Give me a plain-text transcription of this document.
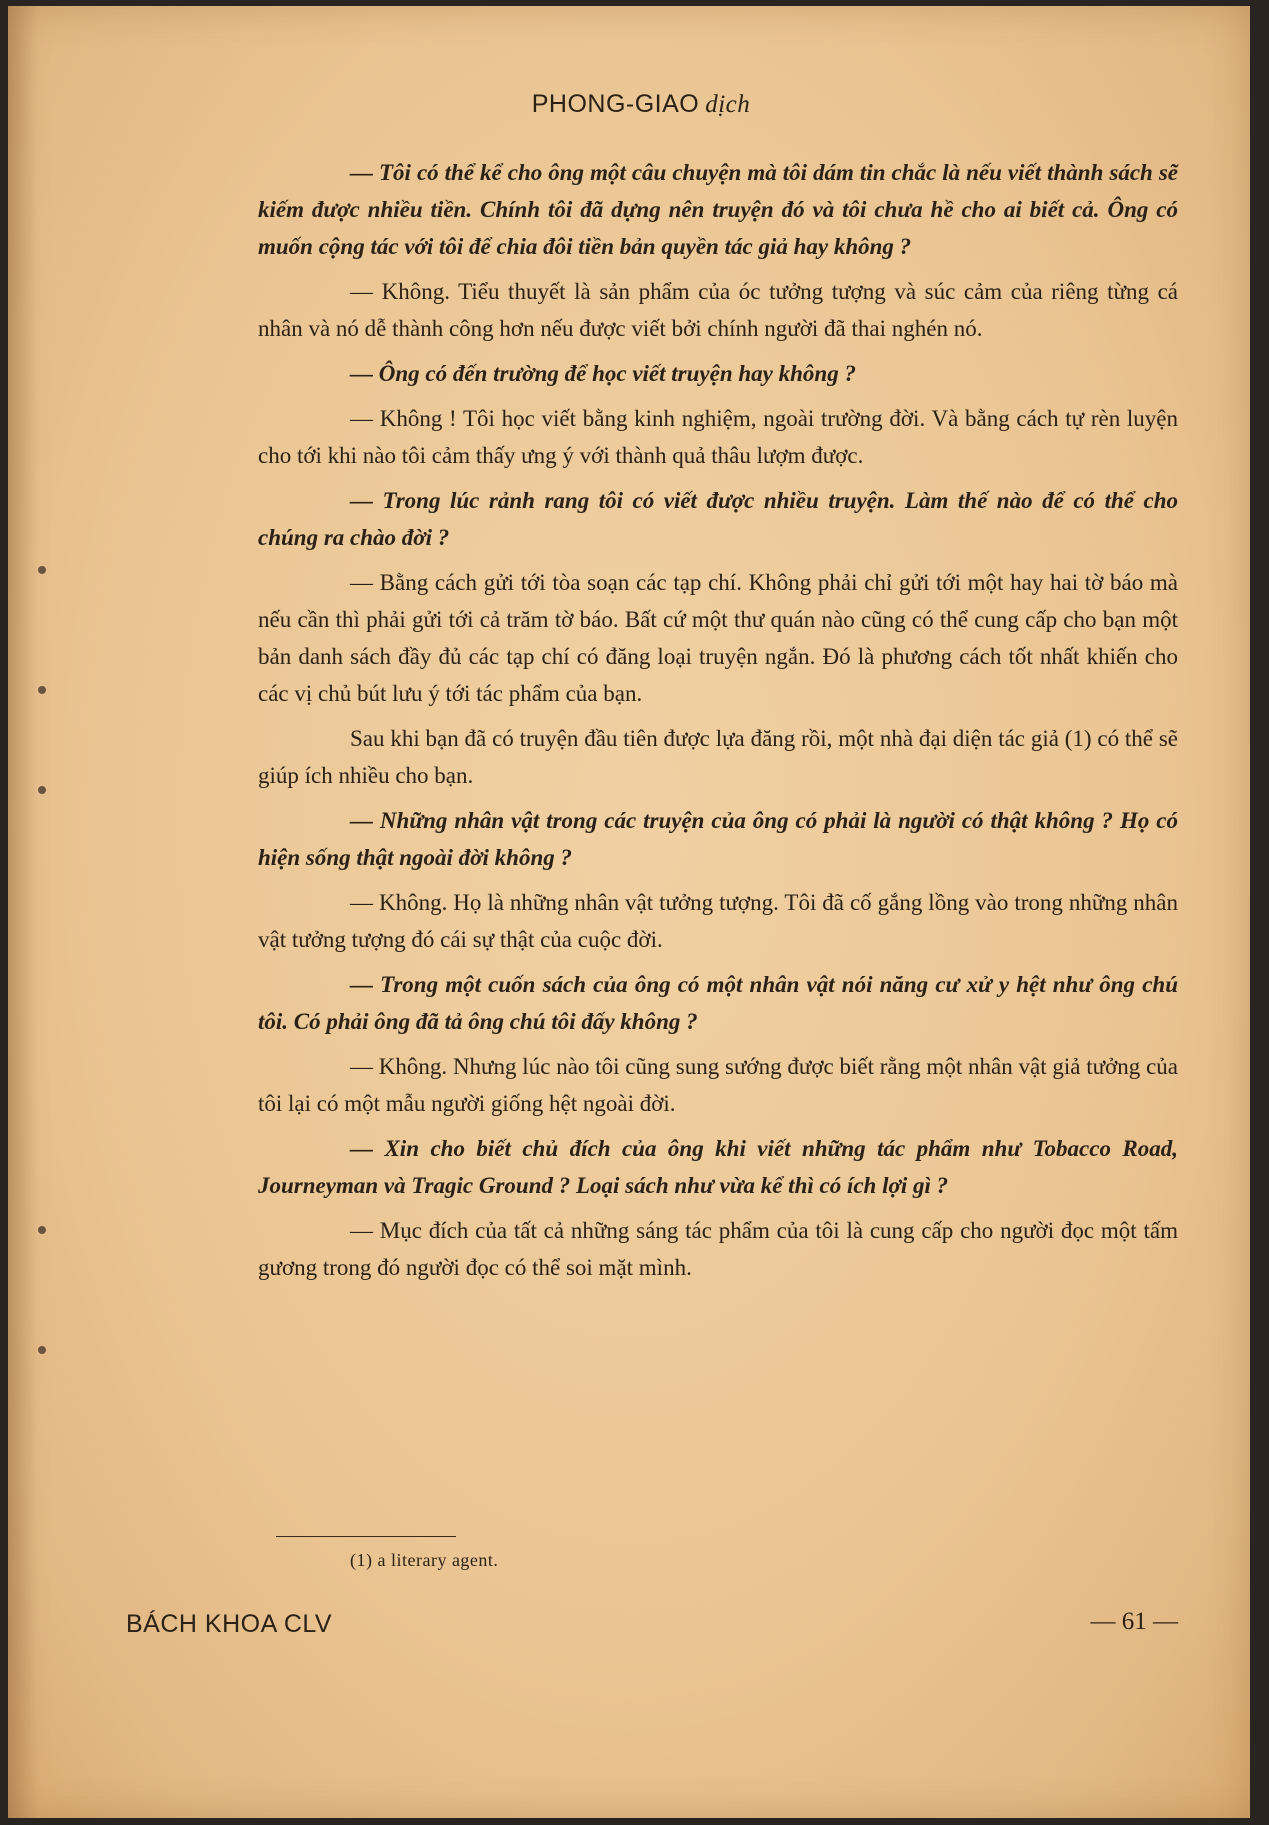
PHONG-GIAO dịch

— Tôi có thể kể cho ông một câu chuyện mà tôi dám tin chắc là nếu viết thành sách sẽ kiếm được nhiều tiền. Chính tôi đã dựng nên truyện đó và tôi chưa hề cho ai biết cả. Ông có muốn cộng tác với tôi để chia đôi tiền bản quyền tác giả hay không ?

— Không. Tiểu thuyết là sản phẩm của óc tưởng tượng và súc cảm của riêng từng cá nhân và nó dễ thành công hơn nếu được viết bởi chính người đã thai nghén nó.

— Ông có đến trường để học viết truyện hay không ?

— Không ! Tôi học viết bằng kinh nghiệm, ngoài trường đời. Và bằng cách tự rèn luyện cho tới khi nào tôi cảm thấy ưng ý với thành quả thâu lượm được.

— Trong lúc rảnh rang tôi có viết được nhiều truyện. Làm thế nào để có thể cho chúng ra chào đời ?

— Bằng cách gửi tới tòa soạn các tạp chí. Không phải chỉ gửi tới một hay hai tờ báo mà nếu cần thì phải gửi tới cả trăm tờ báo. Bất cứ một thư quán nào cũng có thể cung cấp cho bạn một bản danh sách đầy đủ các tạp chí có đăng loại truyện ngắn. Đó là phương cách tốt nhất khiến cho các vị chủ bút lưu ý tới tác phẩm của bạn.

Sau khi bạn đã có truyện đầu tiên được lựa đăng rồi, một nhà đại diện tác giả (1) có thể sẽ giúp ích nhiều cho bạn.

— Những nhân vật trong các truyện của ông có phải là người có thật không ? Họ có hiện sống thật ngoài đời không ?

— Không. Họ là những nhân vật tưởng tượng. Tôi đã cố gắng lồng vào trong những nhân vật tưởng tượng đó cái sự thật của cuộc đời.

— Trong một cuốn sách của ông có một nhân vật nói năng cư xử y hệt như ông chú tôi. Có phải ông đã tả ông chú tôi đấy không ?

— Không. Nhưng lúc nào tôi cũng sung sướng được biết rằng một nhân vật giả tưởng của tôi lại có một mẫu người giống hệt ngoài đời.

— Xin cho biết chủ đích của ông khi viết những tác phẩm như Tobacco Road, Journeyman và Tragic Ground ? Loại sách như vừa kể thì có ích lợi gì ?

— Mục đích của tất cả những sáng tác phẩm của tôi là cung cấp cho người đọc một tấm gương trong đó người đọc có thể soi mặt mình.

(1) a literary agent.
BÁCH KHOA CLV	— 61 —
